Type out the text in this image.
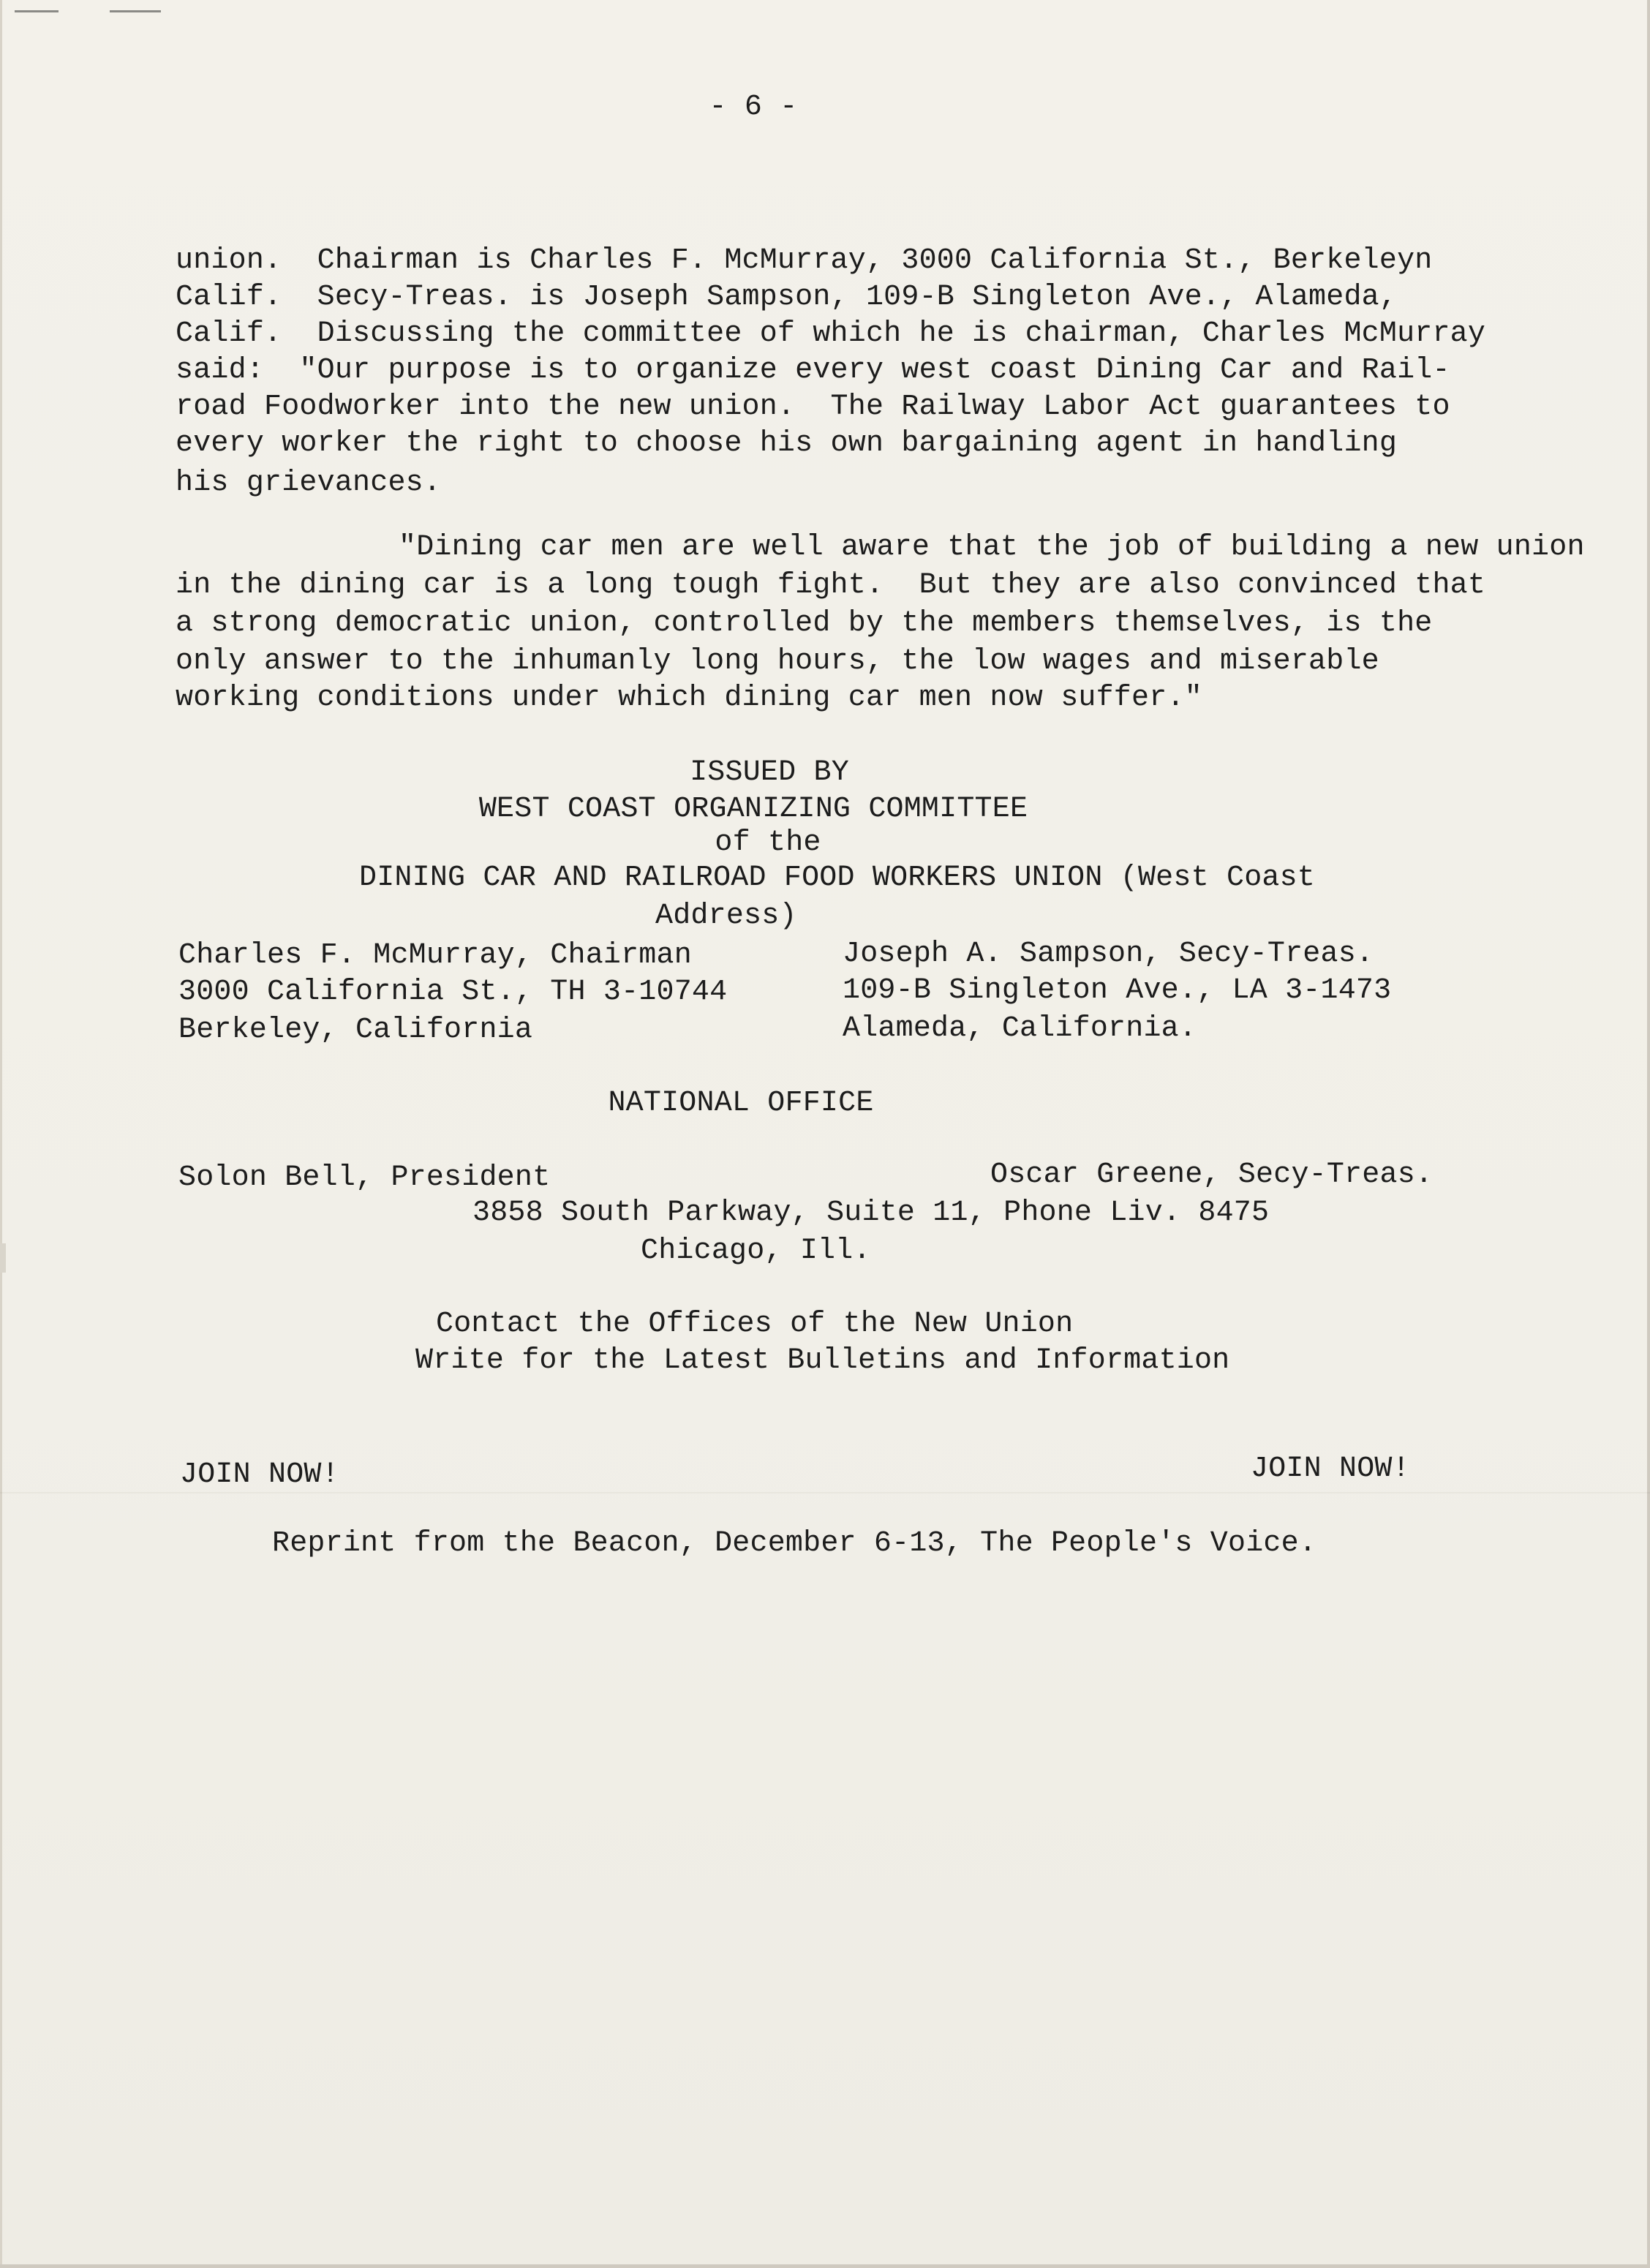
- 6 -
union.  Chairman is Charles F. McMurray, 3000 California St., Berkeleyn
Calif.  Secy-Treas. is Joseph Sampson, 109-B Singleton Ave., Alameda,
Calif.  Discussing the committee of which he is chairman, Charles McMurray
said:  "Our purpose is to organize every west coast Dining Car and Rail-
road Foodworker into the new union.  The Railway Labor Act guarantees to
every worker the right to choose his own bargaining agent in handling
his grievances.
"Dining car men are well aware that the job of building a new union
in the dining car is a long tough fight.  But they are also convinced that
a strong democratic union, controlled by the members themselves, is the
only answer to the inhumanly long hours, the low wages and miserable
working conditions under which dining car men now suffer."
ISSUED BY
WEST COAST ORGANIZING COMMITTEE
of the
DINING CAR AND RAILROAD FOOD WORKERS UNION (West Coast
Address)
Charles F. McMurray, Chairman
3000 California St., TH 3-10744
Berkeley, California
Joseph A. Sampson, Secy-Treas.
109-B Singleton Ave., LA 3-1473
Alameda, California.
NATIONAL OFFICE
Solon Bell, President	Oscar Greene, Secy-Treas.
3858 South Parkway, Suite 11, Phone Liv. 8475
Chicago, Ill.
Contact the Offices of the New Union
Write for the Latest Bulletins and Information
JOIN NOW!	JOIN NOW!
Reprint from the Beacon, December 6-13, The People's Voice.
